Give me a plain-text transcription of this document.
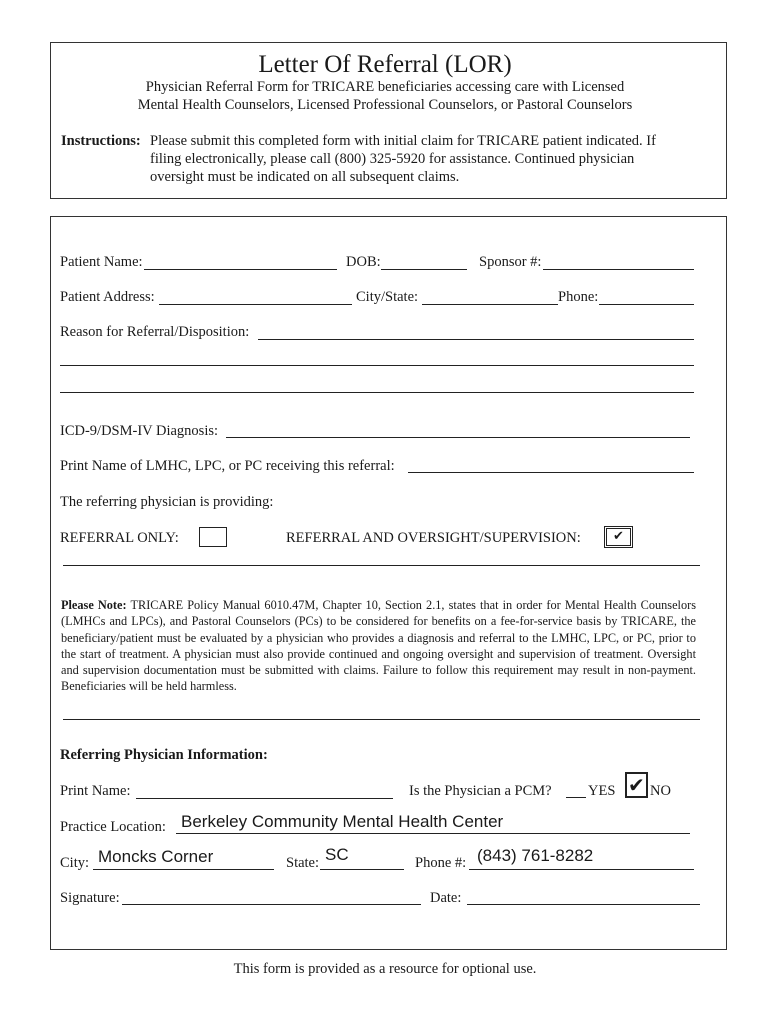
Letter Of Referral (LOR)
Physician Referral Form for TRICARE beneficiaries accessing care with Licensed
Mental Health Counselors, Licensed Professional Counselors, or Pastoral Counselors
Instructions: Please submit this completed form with initial claim for TRICARE patient indicated. If
filing electronically, please call (800) 325-5920 for assistance. Continued physician
oversight must be indicated on all subsequent claims.
Patient Name:	DOB:	Sponsor #:
Patient Address:	City/State:	Phone:
Reason for Referral/Disposition:
ICD-9/DSM-IV Diagnosis:
Print Name of LMHC, LPC, or PC receiving this referral:
The referring physician is providing:
REFERRAL ONLY:	REFERRAL AND OVERSIGHT/SUPERVISION: ✔
Please Note: TRICARE Policy Manual 6010.47M, Chapter 10, Section 2.1, states that in order for Mental Health Counselors (LMHCs and LPCs), and Pastoral Counselors (PCs) to be considered for benefits on a fee-for-service basis by TRICARE, the beneficiary/patient must be evaluated by a physician who provides a diagnosis and referral to the LMHC, LPC, or PC, prior to the start of treatment. A physician must also provide continued and ongoing oversight and supervision of treatment. Oversight and supervision documentation must be submitted with claims. Failure to follow this requirement may result in non-payment. Beneficiaries will be held harmless.
Referring Physician Information:
Print Name:	Is the Physician a PCM?	YES ✔ NO
Practice Location: Berkeley Community Mental Health Center
City: Moncks Corner	State: SC	Phone #: (843) 761-8282
Signature:	Date:
This form is provided as a resource for optional use.
